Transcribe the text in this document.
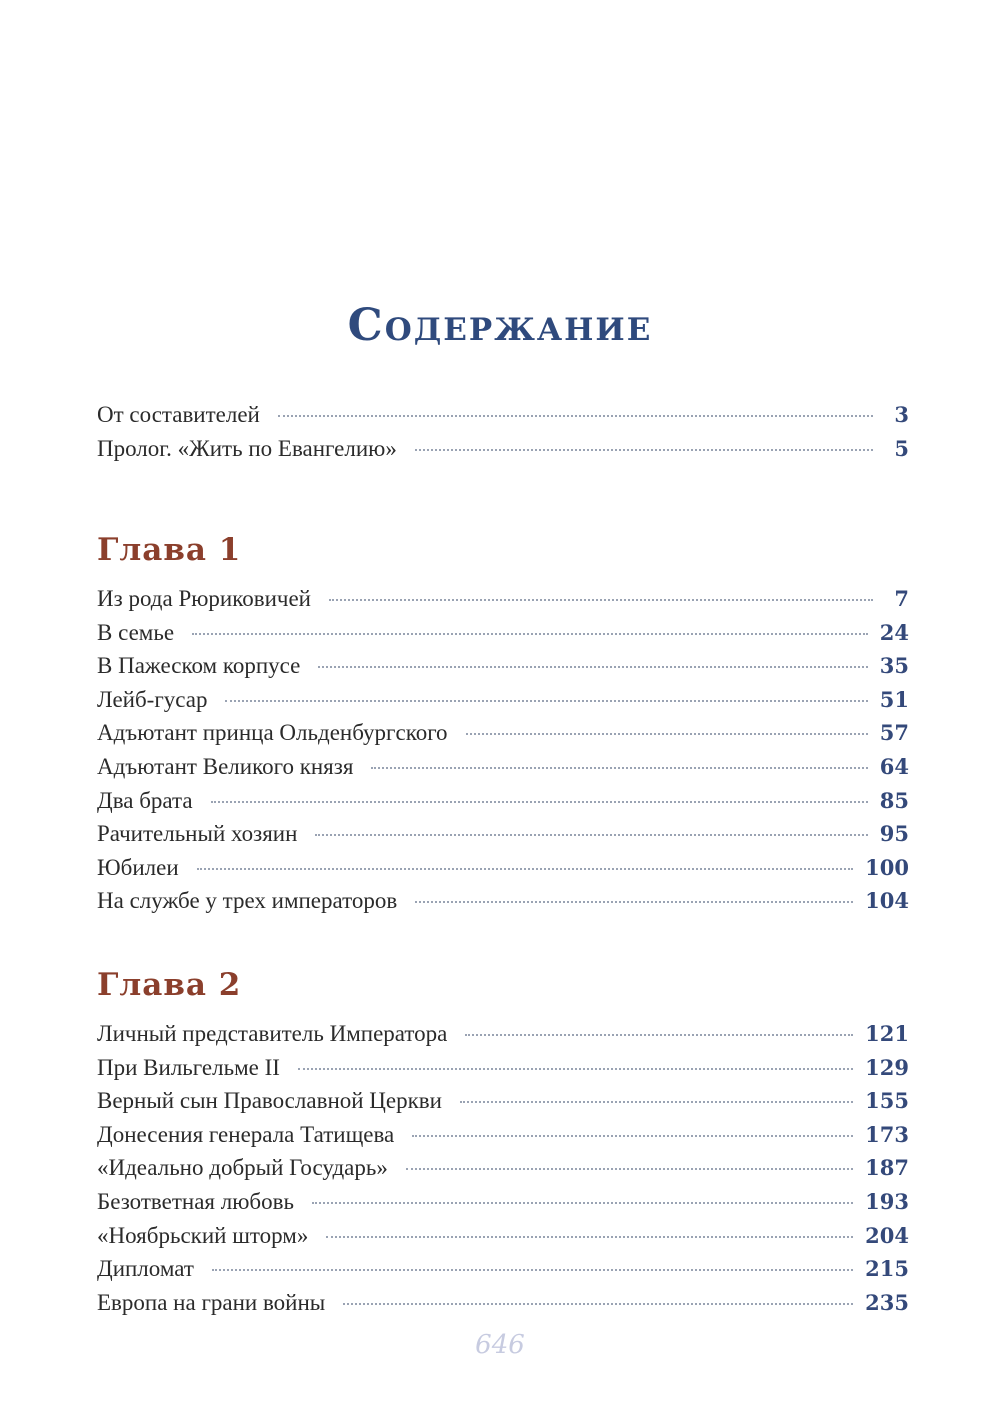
Содержание
От составителей	3
Пролог. «Жить по Евангелию»	5
Глава 1
Из рода Рюриковичей	7
В семье	24
В Пажеском корпусе	35
Лейб-гусар	51
Адъютант принца Ольденбургского	57
Адъютант Великого князя	64
Два брата	85
Рачительный хозяин	95
Юбилеи	100
На службе у трех императоров	104
Глава 2
Личный представитель Императора	121
При Вильгельме II	129
Верный сын Православной Церкви	155
Донесения генерала Татищева	173
«Идеально добрый Государь»	187
Безответная любовь	193
«Ноябрьский шторм»	204
Дипломат	215
Европа на грани войны	235
646
